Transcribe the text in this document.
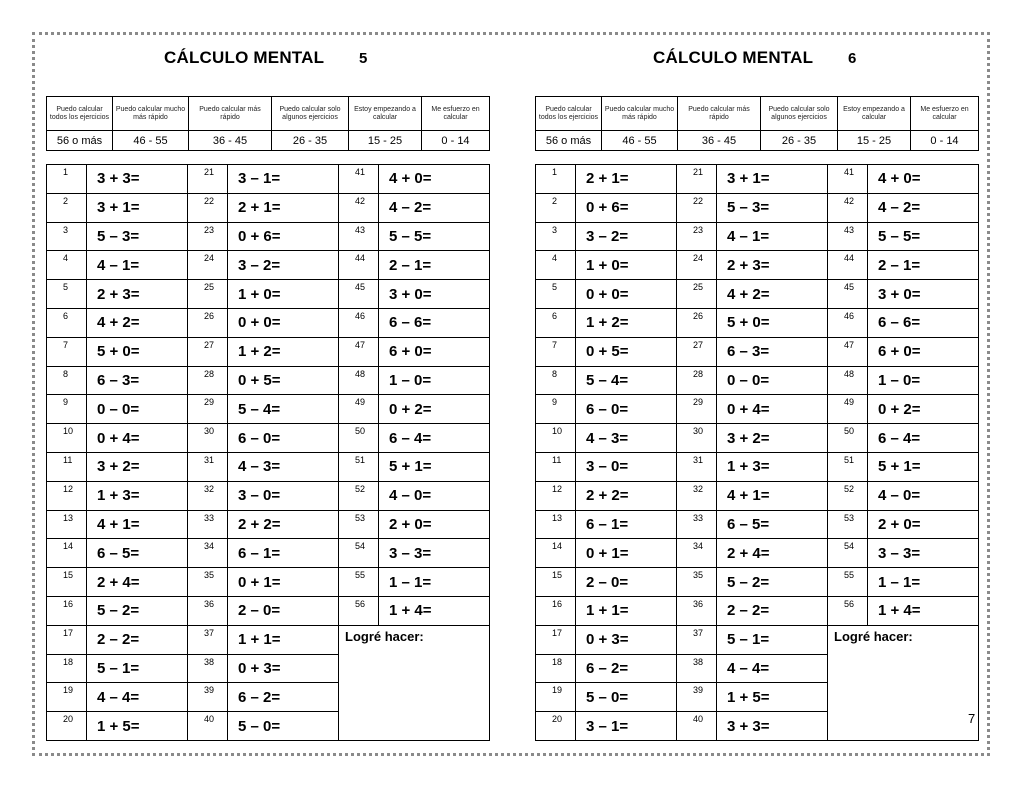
CÁLCULO MENTAL 5
Puedo calcular todos los ejercicios	Puedo calcular mucho más rápido	Puedo calcular más rápido	Puedo calcular solo algunos ejercicios	Estoy empezando a calcular	Me esfuerzo en calcular
56 o más	46 - 55	36 - 45	26 - 35	15 - 25	0 - 14
1	3 + 3=	21	3 – 1=	41	4 + 0=
2	3 + 1=	22	2 + 1=	42	4 – 2=
3	5 – 3=	23	0 + 6=	43	5 – 5=
4	4 – 1=	24	3 – 2=	44	2 – 1=
5	2 + 3=	25	1 + 0=	45	3 + 0=
6	4 + 2=	26	0 + 0=	46	6 – 6=
7	5 + 0=	27	1 + 2=	47	6 + 0=
8	6 – 3=	28	0 + 5=	48	1 – 0=
9	0 – 0=	29	5 – 4=	49	0 + 2=
10	0 + 4=	30	6 – 0=	50	6 – 4=
11	3 + 2=	31	4 – 3=	51	5 + 1=
12	1 + 3=	32	3 – 0=	52	4 – 0=
13	4 + 1=	33	2 + 2=	53	2 + 0=
14	6 – 5=	34	6 – 1=	54	3 – 3=
15	2 + 4=	35	0 + 1=	55	1 – 1=
16	5 – 2=	36	2 – 0=	56	1 + 4=
17	2 – 2=	37	1 + 1=	Logré hacer:	
18	5 – 1=	38	0 + 3=		
19	4 – 4=	39	6 – 2=		
20	1 + 5=	40	5 – 0=		
CÁLCULO MENTAL 6
Puedo calcular todos los ejercicios	Puedo calcular mucho más rápido	Puedo calcular más rápido	Puedo calcular solo algunos ejercicios	Estoy empezando a calcular	Me esfuerzo en calcular
56 o más	46 - 55	36 - 45	26 - 35	15 - 25	0 - 14
1	2 + 1=	21	3 + 1=	41	4 + 0=
2	0 + 6=	22	5 – 3=	42	4 – 2=
3	3 – 2=	23	4 – 1=	43	5 – 5=
4	1 + 0=	24	2 + 3=	44	2 – 1=
5	0 + 0=	25	4 + 2=	45	3 + 0=
6	1 + 2=	26	5 + 0=	46	6 – 6=
7	0 + 5=	27	6 – 3=	47	6 + 0=
8	5 – 4=	28	0 – 0=	48	1 – 0=
9	6 – 0=	29	0 + 4=	49	0 + 2=
10	4 – 3=	30	3 + 2=	50	6 – 4=
11	3 – 0=	31	1 + 3=	51	5 + 1=
12	2 + 2=	32	4 + 1=	52	4 – 0=
13	6 – 1=	33	6 – 5=	53	2 + 0=
14	0 + 1=	34	2 + 4=	54	3 – 3=
15	2 – 0=	35	5 – 2=	55	1 – 1=
16	1 + 1=	36	2 – 2=	56	1 + 4=
17	0 + 3=	37	5 – 1=	Logré hacer:	
18	6 – 2=	38	4 – 4=		
19	5 – 0=	39	1 + 5=		
20	3 – 1=	40	3 + 3=			7
